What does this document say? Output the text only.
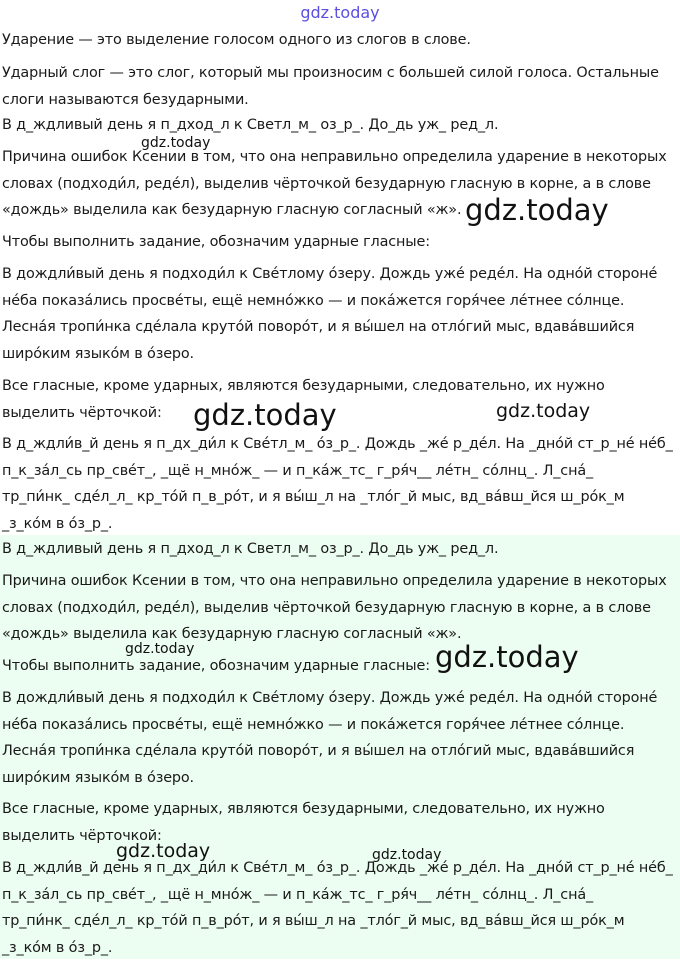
gdz.today

Ударение — это выделение голосом одного из слогов в слове.

Ударный слог — это слог, который мы произносим с большей силой голоса. Остальные
слоги называются безударными.

В д_ждливый день я п_дход_л к Светл_м_ оз_р_. До_дь уж_ ред_л.

Причина ошибок Ксении в том, что она неправильно определила ударение в некоторых
словах (подходи́л, реде́л), выделив чёрточкой безударную гласную в корне, а в слове
«дождь» выделила как безударную гласную согласный «ж».

Чтобы выполнить задание, обозначим ударные гласные:

В дождли́вый день я подходи́л к Све́тлому о́зеру. Дождь уже́ реде́л. На одно́й стороне́
не́ба показа́лись просве́ты, ещё немно́жко — и пока́жется горя́чее ле́тнее со́лнце.
Лесна́я тропи́нка сде́лала круто́й поворо́т, и я вы́шел на отло́гий мыс, вдава́вшийся
широ́ким языко́м в о́зеро.

Все гласные, кроме ударных, являются безударными, следовательно, их нужно
выделить чёрточкой:

В д_ждли́в_й день я п_дх_ди́л к Све́тл_м_ о́з_р_. Дождь _же́ р_де́л. На _дно́й ст_р_не́ не́б_
п_к_за́л_сь пр_све́т_, _щё н_мно́ж_ — и п_ка́ж_тс_ г_ря́ч__ ле́тн_ со́лнц_. Л_сна́_
тр_пи́нк_ сде́л_л_ кр_то́й п_в_ро́т, и я вы́ш_л на _тло́г_й мыс, вд_ва́вш_йся ш_ро́к_м
_з_ко́м в о́з_р_.

В д_ждливый день я п_дход_л к Светл_м_ оз_р_. До_дь уж_ ред_л.

Причина ошибок Ксении в том, что она неправильно определила ударение в некоторых
словах (подходи́л, реде́л), выделив чёрточкой безударную гласную в корне, а в слове
«дождь» выделила как безударную гласную согласный «ж».

Чтобы выполнить задание, обозначим ударные гласные:

В дождли́вый день я подходи́л к Све́тлому о́зеру. Дождь уже́ реде́л. На одно́й стороне́
не́ба показа́лись просве́ты, ещё немно́жко — и пока́жется горя́чее ле́тнее со́лнце.
Лесна́я тропи́нка сде́лала круто́й поворо́т, и я вы́шел на отло́гий мыс, вдава́вшийся
широ́ким языко́м в о́зеро.

Все гласные, кроме ударных, являются безударными, следовательно, их нужно
выделить чёрточкой:

В д_ждли́в_й день я п_дх_ди́л к Све́тл_м_ о́з_р_. Дождь _же́ р_де́л. На _дно́й ст_р_не́ не́б_
п_к_за́л_сь пр_све́т_, _щё н_мно́ж_ — и п_ка́ж_тс_ г_ря́ч__ ле́тн_ со́лнц_. Л_сна́_
тр_пи́нк_ сде́л_л_ кр_то́й п_в_ро́т, и я вы́ш_л на _тло́г_й мыс, вд_ва́вш_йся ш_ро́к_м
_з_ко́м в о́з_р_.

gdz.today
gdz.today
gdz.today	gdz.today
gdz.today	gdz.today
gdz.today	gdz.today
